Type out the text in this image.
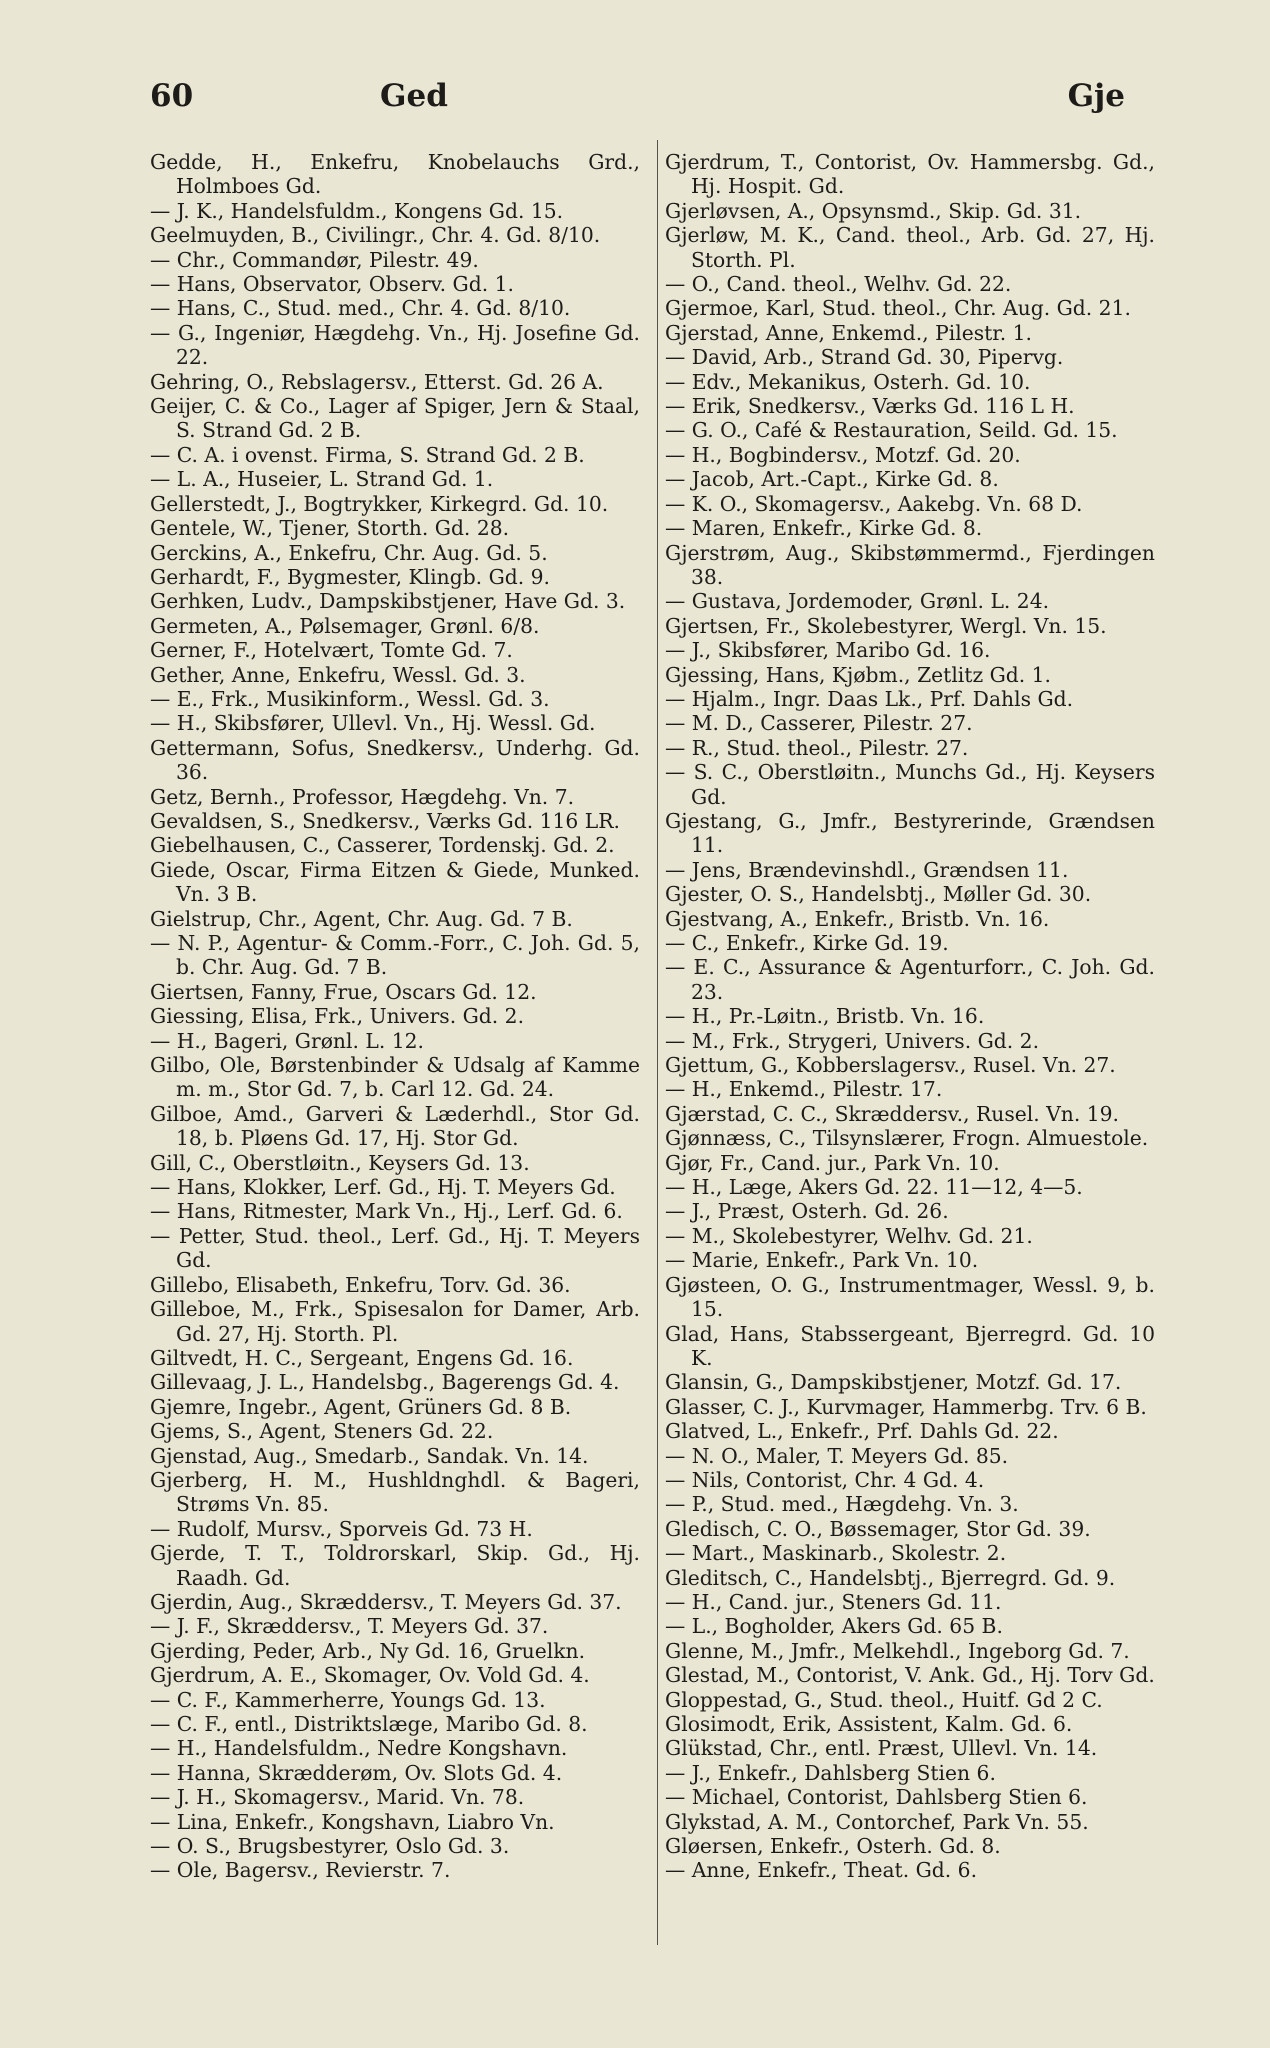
60	Ged	Gje

Gedde, H., Enkefru, Knobelauchs Grd., Holmboes Gd.

— J. K., Handelsfuldm., Kongens Gd. 15.

Geelmuyden, B., Civilingr., Chr. 4. Gd. 8/10.

— Chr., Commandør, Pilestr. 49.

— Hans, Observator, Observ. Gd. 1.

— Hans, C., Stud. med., Chr. 4. Gd. 8/10.

— G., Ingeniør, Hægdehg. Vn., Hj. Josefine Gd. 22.

Gehring, O., Rebslagersv., Etterst. Gd. 26 A.

Geijer, C. & Co., Lager af Spiger, Jern & Staal, S. Strand Gd. 2 B.

— C. A. i ovenst. Firma, S. Strand Gd. 2 B.

— L. A., Huseier, L. Strand Gd. 1.

Gellerstedt, J., Bogtrykker, Kirkegrd. Gd. 10.

Gentele, W., Tjener, Storth. Gd. 28.

Gerckins, A., Enkefru, Chr. Aug. Gd. 5.

Gerhardt, F., Bygmester, Klingb. Gd. 9.

Gerhken, Ludv., Dampskibstjener, Have Gd. 3.

Germeten, A., Pølsemager, Grønl. 6/8.

Gerner, F., Hotelvært, Tomte Gd. 7.

Gether, Anne, Enkefru, Wessl. Gd. 3.

— E., Frk., Musikinform., Wessl. Gd. 3.

— H., Skibsfører, Ullevl. Vn., Hj. Wessl. Gd.

Gettermann, Sofus, Snedkersv., Underhg. Gd. 36.

Getz, Bernh., Professor, Hægdehg. Vn. 7.

Gevaldsen, S., Snedkersv., Værks Gd. 116 LR.

Giebelhausen, C., Casserer, Tordenskj. Gd. 2.

Giede, Oscar, Firma Eitzen & Giede, Munked. Vn. 3 B.

Gielstrup, Chr., Agent, Chr. Aug. Gd. 7 B.

— N. P., Agentur- & Comm.-Forr., C. Joh. Gd. 5, b. Chr. Aug. Gd. 7 B.

Giertsen, Fanny, Frue, Oscars Gd. 12.

Giessing, Elisa, Frk., Univers. Gd. 2.

— H., Bageri, Grønl. L. 12.

Gilbo, Ole, Børstenbinder & Udsalg af Kamme m. m., Stor Gd. 7, b. Carl 12. Gd. 24.

Gilboe, Amd., Garveri & Læderhdl., Stor Gd. 18, b. Pløens Gd. 17, Hj. Stor Gd.

Gill, C., Oberstløitn., Keysers Gd. 13.

— Hans, Klokker, Lerf. Gd., Hj. T. Meyers Gd.

— Hans, Ritmester, Mark Vn., Hj., Lerf. Gd. 6.

— Petter, Stud. theol., Lerf. Gd., Hj. T. Meyers Gd.

Gillebo, Elisabeth, Enkefru, Torv. Gd. 36.

Gilleboe, M., Frk., Spisesalon for Damer, Arb. Gd. 27, Hj. Storth. Pl.

Giltvedt, H. C., Sergeant, Engens Gd. 16.

Gillevaag, J. L., Handelsbg., Bagerengs Gd. 4.

Gjemre, Ingebr., Agent, Grüners Gd. 8 B.

Gjems, S., Agent, Steners Gd. 22.

Gjenstad, Aug., Smedarb., Sandak. Vn. 14.

Gjerberg, H. M., Hushldnghdl. & Bageri, Strøms Vn. 85.

— Rudolf, Mursv., Sporveis Gd. 73 H.

Gjerde, T. T., Toldrorskarl, Skip. Gd., Hj. Raadh. Gd.

Gjerdin, Aug., Skræddersv., T. Meyers Gd. 37.

— J. F., Skræddersv., T. Meyers Gd. 37.

Gjerding, Peder, Arb., Ny Gd. 16, Gruelkn.

Gjerdrum, A. E., Skomager, Ov. Vold Gd. 4.

— C. F., Kammerherre, Youngs Gd. 13.

— C. F., entl., Distriktslæge, Maribo Gd. 8.

— H., Handelsfuldm., Nedre Kongshavn.

— Hanna, Skrædderøm, Ov. Slots Gd. 4.

— J. H., Skomagersv., Marid. Vn. 78.

— Lina, Enkefr., Kongshavn, Liabro Vn.

— O. S., Brugsbestyrer, Oslo Gd. 3.

— Ole, Bagersv., Revierstr. 7.

Gjerdrum, T., Contorist, Ov. Hammersbg. Gd., Hj. Hospit. Gd.

Gjerløvsen, A., Opsynsmd., Skip. Gd. 31.

Gjerløw, M. K., Cand. theol., Arb. Gd. 27, Hj. Storth. Pl.

— O., Cand. theol., Welhv. Gd. 22.

Gjermoe, Karl, Stud. theol., Chr. Aug. Gd. 21.

Gjerstad, Anne, Enkemd., Pilestr. 1.

— David, Arb., Strand Gd. 30, Pipervg.

— Edv., Mekanikus, Osterh. Gd. 10.

— Erik, Snedkersv., Værks Gd. 116 L H.

— G. O., Café & Restauration, Seild. Gd. 15.

— H., Bogbindersv., Motzf. Gd. 20.

— Jacob, Art.-Capt., Kirke Gd. 8.

— K. O., Skomagersv., Aakebg. Vn. 68 D.

— Maren, Enkefr., Kirke Gd. 8.

Gjerstrøm, Aug., Skibstømmermd., Fjerdingen 38.

— Gustava, Jordemoder, Grønl. L. 24.

Gjertsen, Fr., Skolebestyrer, Wergl. Vn. 15.

— J., Skibsfører, Maribo Gd. 16.

Gjessing, Hans, Kjøbm., Zetlitz Gd. 1.

— Hjalm., Ingr. Daas Lk., Prf. Dahls Gd.

— M. D., Casserer, Pilestr. 27.

— R., Stud. theol., Pilestr. 27.

— S. C., Oberstløitn., Munchs Gd., Hj. Keysers Gd.

Gjestang, G., Jmfr., Bestyrerinde, Grændsen 11.

— Jens, Brændevinshdl., Grændsen 11.

Gjester, O. S., Handelsbtj., Møller Gd. 30.

Gjestvang, A., Enkefr., Bristb. Vn. 16.

— C., Enkefr., Kirke Gd. 19.

— E. C., Assurance & Agenturforr., C. Joh. Gd. 23.

— H., Pr.-Løitn., Bristb. Vn. 16.

— M., Frk., Strygeri, Univers. Gd. 2.

Gjettum, G., Kobberslagersv., Rusel. Vn. 27.

— H., Enkemd., Pilestr. 17.

Gjærstad, C. C., Skræddersv., Rusel. Vn. 19.

Gjønnæss, C., Tilsynslærer, Frogn. Almuestole.

Gjør, Fr., Cand. jur., Park Vn. 10.

— H., Læge, Akers Gd. 22. 11—12, 4—5.

— J., Præst, Osterh. Gd. 26.

— M., Skolebestyrer, Welhv. Gd. 21.

— Marie, Enkefr., Park Vn. 10.

Gjøsteen, O. G., Instrumentmager, Wessl. 9, b. 15.

Glad, Hans, Stabssergeant, Bjerregrd. Gd. 10 K.

Glansin, G., Dampskibstjener, Motzf. Gd. 17.

Glasser, C. J., Kurvmager, Hammerbg. Trv. 6 B.

Glatved, L., Enkefr., Prf. Dahls Gd. 22.

— N. O., Maler, T. Meyers Gd. 85.

— Nils, Contorist, Chr. 4 Gd. 4.

— P., Stud. med., Hægdehg. Vn. 3.

Gledisch, C. O., Bøssemager, Stor Gd. 39.

— Mart., Maskinarb., Skolestr. 2.

Gleditsch, C., Handelsbtj., Bjerregrd. Gd. 9.

— H., Cand. jur., Steners Gd. 11.

— L., Bogholder, Akers Gd. 65 B.

Glenne, M., Jmfr., Melkehdl., Ingeborg Gd. 7.

Glestad, M., Contorist, V. Ank. Gd., Hj. Torv Gd.

Gloppestad, G., Stud. theol., Huitf. Gd 2 C.

Glosimodt, Erik, Assistent, Kalm. Gd. 6.

Glükstad, Chr., entl. Præst, Ullevl. Vn. 14.

— J., Enkefr., Dahlsberg Stien 6.

— Michael, Contorist, Dahlsberg Stien 6.

Glykstad, A. M., Contorchef, Park Vn. 55.

Gløersen, Enkefr., Osterh. Gd. 8.

— Anne, Enkefr., Theat. Gd. 6.
